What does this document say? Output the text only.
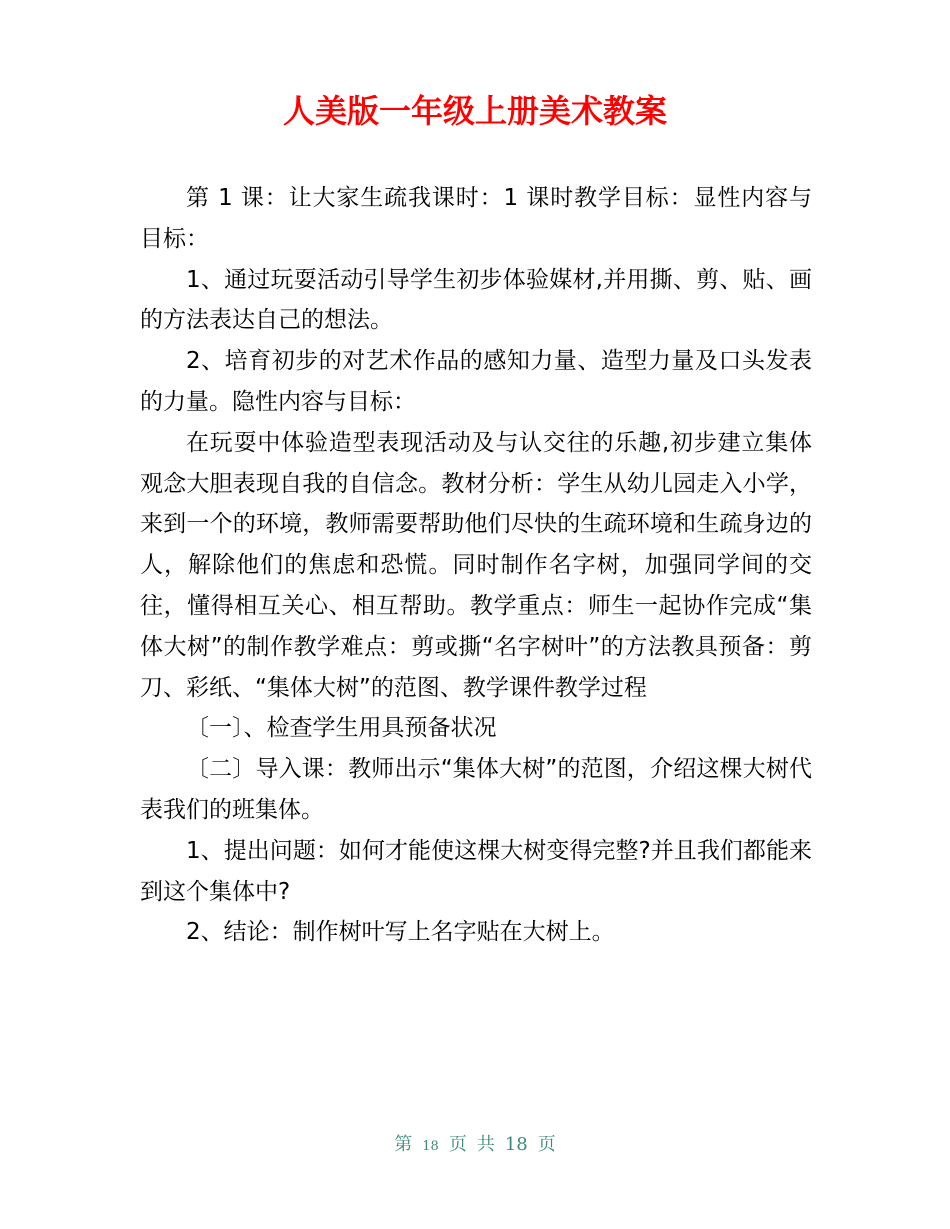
人美版一年级上册美术教案

第 1 课：让大家生疏我课时：1 课时教学目标：显性内容与目标：

1、通过玩耍活动引导学生初步体验媒材,并用撕、剪、贴、画的方法表达自己的想法。

2、培育初步的对艺术作品的感知力量、造型力量及口头发表的力量。隐性内容与目标：

在玩耍中体验造型表现活动及与认交往的乐趣,初步建立集体观念大胆表现自我的自信念。教材分析：学生从幼儿园走入小学，来到一个的环境，教师需要帮助他们尽快的生疏环境和生疏身边的人，解除他们的焦虑和恐慌。同时制作名字树，加强同学间的交往，懂得相互关心、相互帮助。教学重点：师生一起协作完成“集体大树”的制作教学难点：剪或撕“名字树叶”的方法教具预备：剪刀、彩纸、“集体大树”的范图、教学课件教学过程

〔一〕、检查学生用具预备状况

〔二〕导入课：教师出示“集体大树”的范图，介绍这棵大树代表我们的班集体。

1、提出问题：如何才能使这棵大树变得完整?并且我们都能来到这个集体中?

2、结论：制作树叶写上名字贴在大树上。

第 18 页 共 18 页
